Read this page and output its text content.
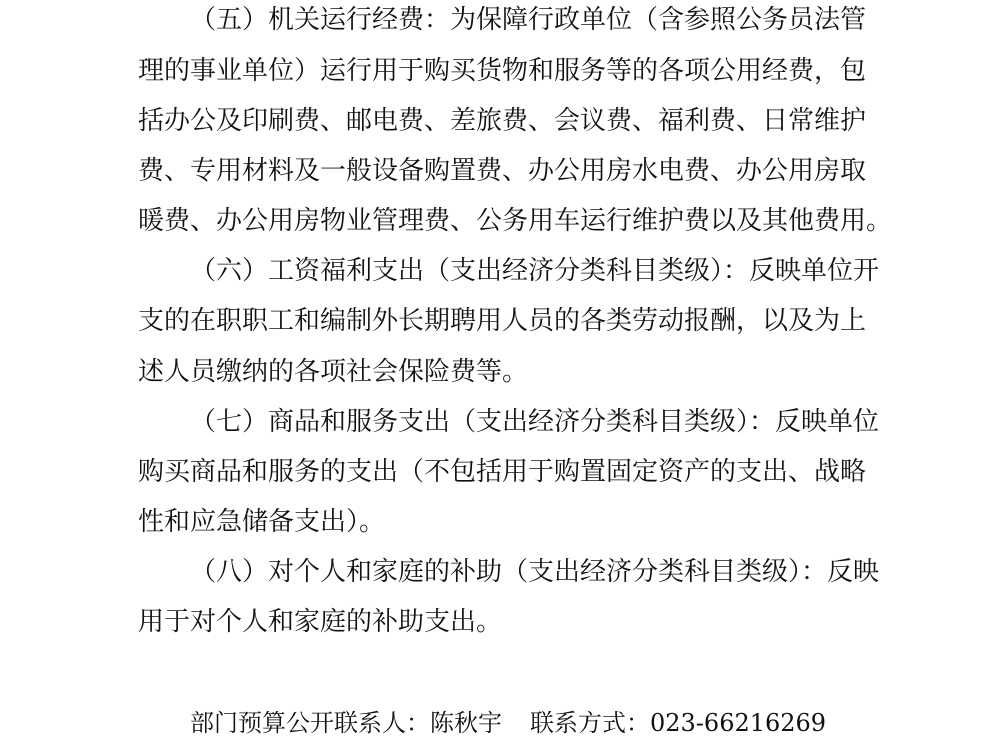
（五）机关运行经费：为保障行政单位（含参照公务员法管
理的事业单位）运行用于购买货物和服务等的各项公用经费，包
括办公及印刷费、邮电费、差旅费、会议费、福利费、日常维护
费、专用材料及一般设备购置费、办公用房水电费、办公用房取
暖费、办公用房物业管理费、公务用车运行维护费以及其他费用。
（六）工资福利支出（支出经济分类科目类级）：反映单位开
支的在职职工和编制外长期聘用人员的各类劳动报酬，以及为上
述人员缴纳的各项社会保险费等。
（七）商品和服务支出（支出经济分类科目类级）：反映单位
购买商品和服务的支出（不包括用于购置固定资产的支出、战略
性和应急储备支出）。
（八）对个人和家庭的补助（支出经济分类科目类级）：反映
用于对个人和家庭的补助支出。
部门预算公开联系人：陈秋宇 联系方式：023-66216269
